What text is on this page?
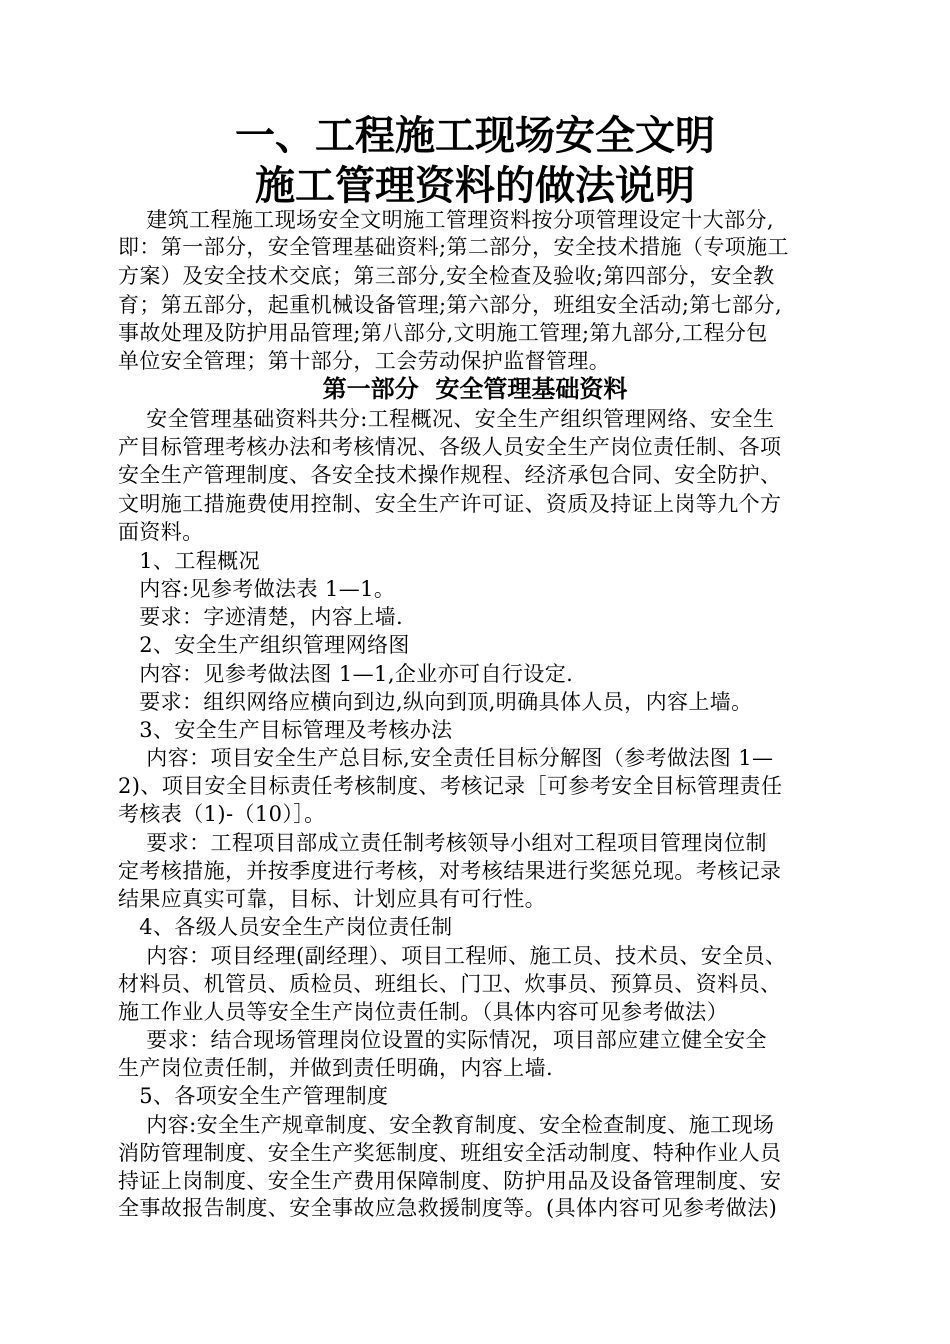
一、工程施工现场安全文明
施工管理资料的做法说明
建筑工程施工现场安全文明施工管理资料按分项管理设定十大部分,
即：第一部分，安全管理基础资料;第二部分，安全技术措施（专项施工
方案）及安全技术交底；第三部分,安全检查及验收;第四部分，安全教
育；第五部分，起重机械设备管理;第六部分，班组安全活动;第七部分,
事故处理及防护用品管理;第八部分,文明施工管理;第九部分,工程分包
单位安全管理；第十部分，工会劳动保护监督管理。
第一部分  安全管理基础资料
安全管理基础资料共分:工程概况、安全生产组织管理网络、安全生
产目标管理考核办法和考核情况、各级人员安全生产岗位责任制、各项
安全生产管理制度、各安全技术操作规程、经济承包合同、安全防护、
文明施工措施费使用控制、安全生产许可证、资质及持证上岗等九个方
面资料。
1、工程概况
内容:见参考做法表 1—1。
要求：字迹清楚，内容上墙.
2、安全生产组织管理网络图
内容：见参考做法图 1—1,企业亦可自行设定.
要求：组织网络应横向到边,纵向到顶,明确具体人员，内容上墙。
3、安全生产目标管理及考核办法
内容：项目安全生产总目标,安全责任目标分解图（参考做法图 1—
2)、项目安全目标责任考核制度、考核记录［可参考安全目标管理责任
考核表（1)-（10）］。
要求：工程项目部成立责任制考核领导小组对工程项目管理岗位制
定考核措施，并按季度进行考核，对考核结果进行奖惩兑现。考核记录
结果应真实可靠，目标、计划应具有可行性。
4、各级人员安全生产岗位责任制
内容：项目经理(副经理）、项目工程师、施工员、技术员、安全员、
材料员、机管员、质检员、班组长、门卫、炊事员、预算员、资料员、
施工作业人员等安全生产岗位责任制。（具体内容可见参考做法）
要求：结合现场管理岗位设置的实际情况，项目部应建立健全安全
生产岗位责任制，并做到责任明确，内容上墙.
5、各项安全生产管理制度
内容:安全生产规章制度、安全教育制度、安全检查制度、施工现场
消防管理制度、安全生产奖惩制度、班组安全活动制度、特种作业人员
持证上岗制度、安全生产费用保障制度、防护用品及设备管理制度、安
全事故报告制度、安全事故应急救援制度等。(具体内容可见参考做法)
